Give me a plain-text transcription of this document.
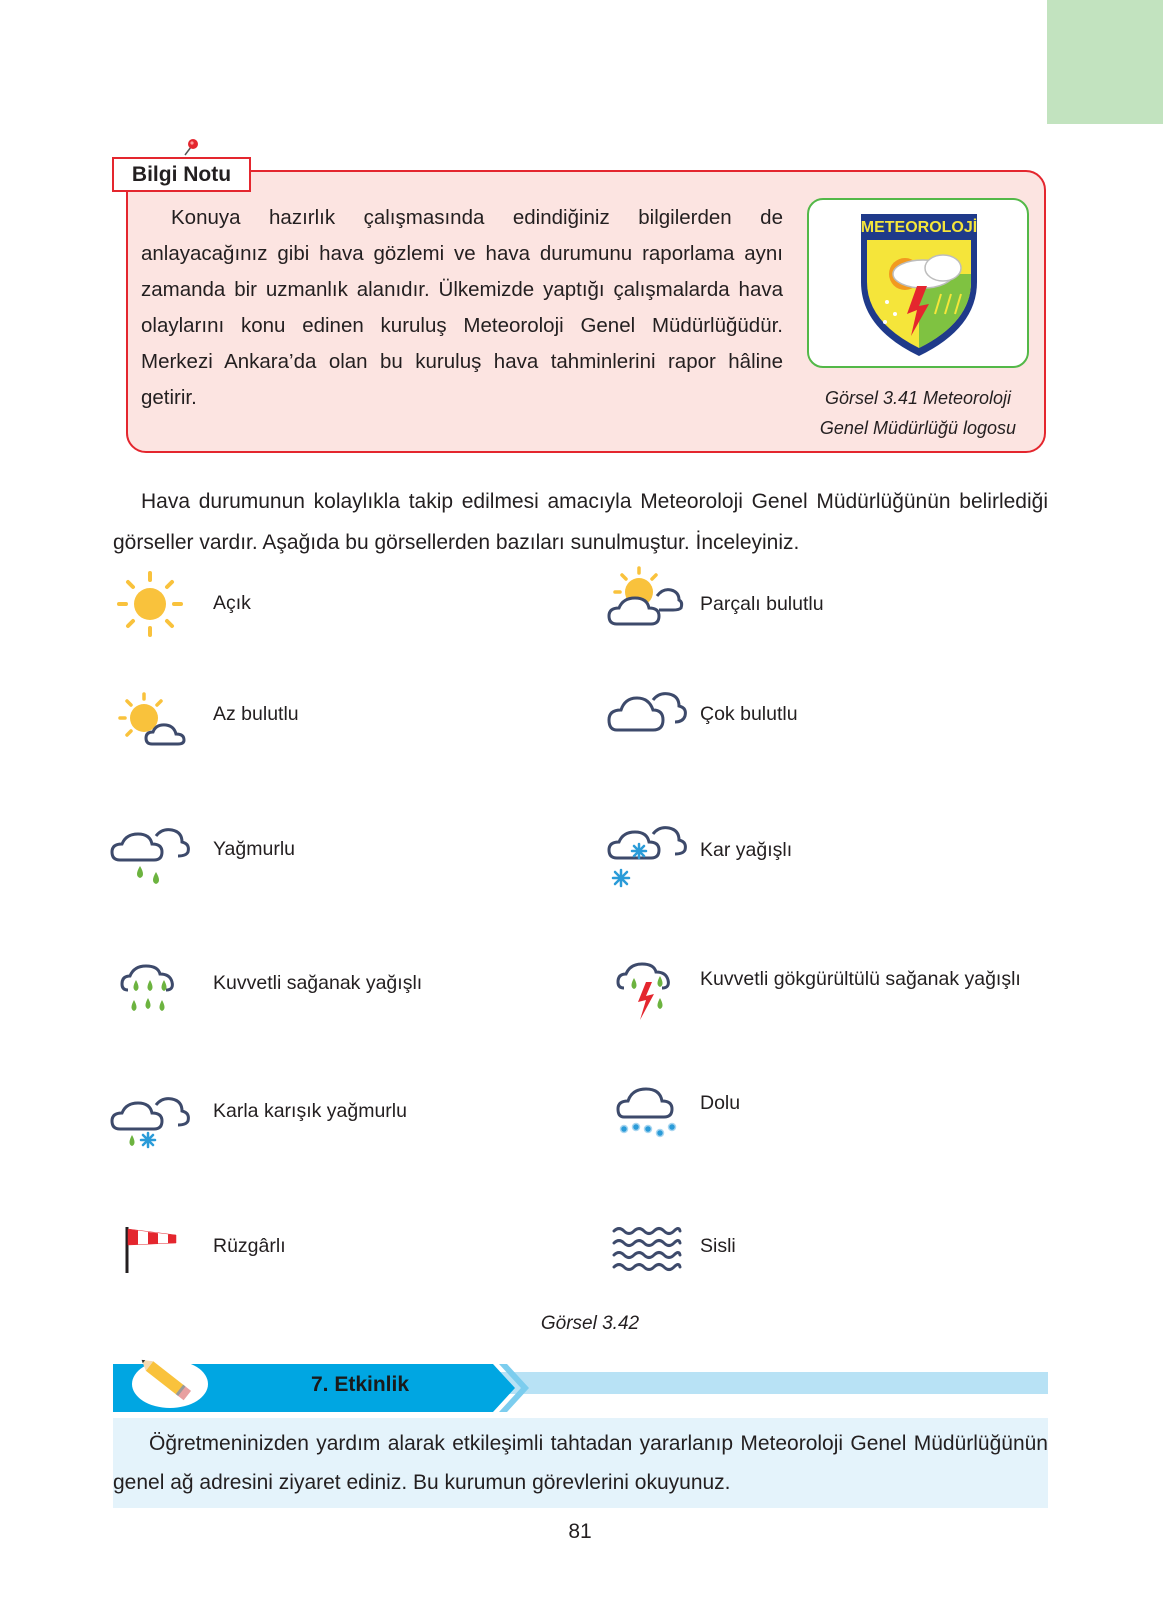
Bilgi Notu

Konuya hazırlık çalışmasında edindiğiniz bilgilerden de anlayacağınız gibi hava gözlemi ve hava durumunu raporlama aynı zamanda bir uzmanlık alanıdır. Ülkemizde yaptığı çalışmalarda hava olaylarını konu edinen kuruluş Meteoroloji Genel Müdürlüğüdür. Merkezi Ankara’da olan bu kuruluş hava tahminlerini rapor hâline getirir.

METEOROLOJİ
Görsel 3.41 Meteoroloji
Genel Müdürlüğü logosu

Hava durumunun kolaylıkla takip edilmesi amacıyla Meteoroloji Genel Müdürlüğünün belirlediği görseller vardır. Aşağıda bu görsellerden bazıları sunulmuştur. İnceleyiniz.

Açık
Az bulutlu
Yağmurlu
Kuvvetli sağanak yağışlı
Karla karışık yağmurlu
Rüzgârlı
Parçalı bulutlu
Çok bulutlu
Kar yağışlı
Kuvvetli gökgürültülü sağanak yağışlı
Dolu
Sisli
Görsel 3.42
7. Etkinlik

Öğretmeninizden yardım alarak etkileşimli tahtadan yararlanıp Meteoroloji Genel Müdürlüğünün genel ağ adresini ziyaret ediniz. Bu kurumun görevlerini okuyunuz.

81
